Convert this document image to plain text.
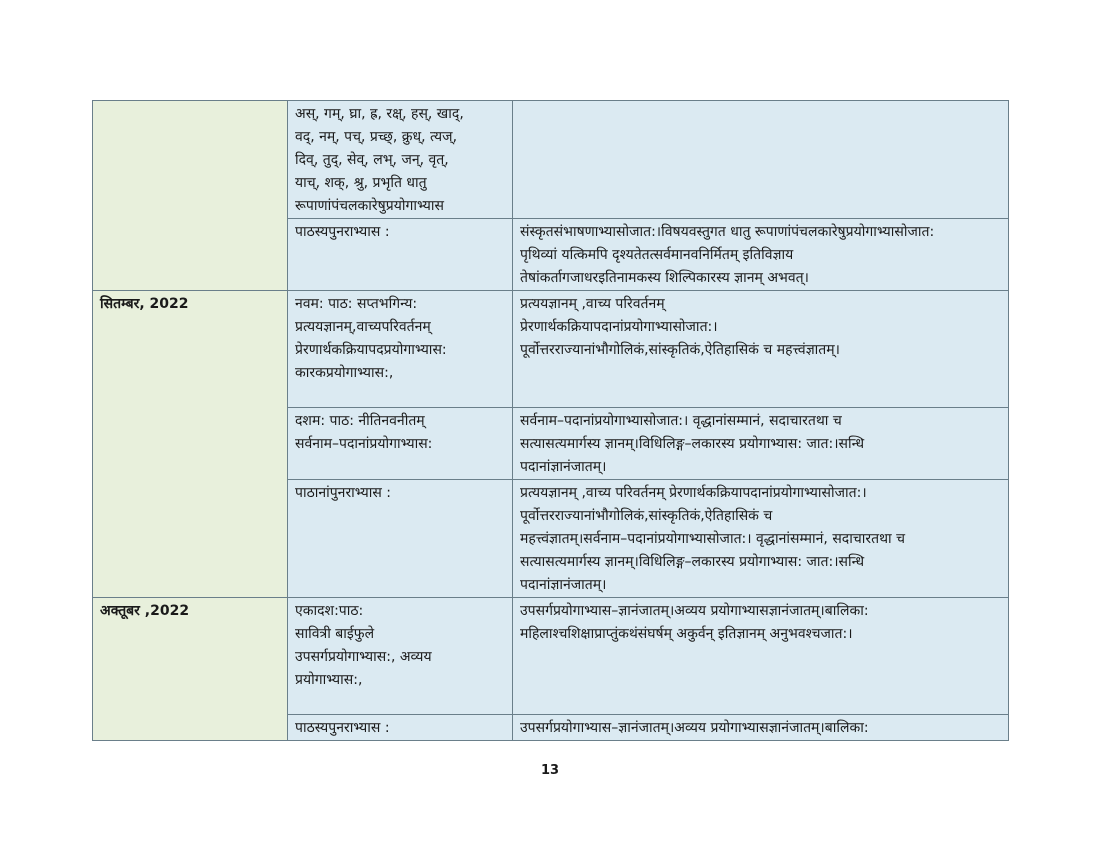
	अस्, गम्, घ्रा, ह्र, रक्ष्, हस्, खाद्,
वद्, नम्, पच्, प्रच्छ्, क्रुध्, त्यज्,
दिव्, तुद्, सेव्, लभ्, जन्, वृत्,
याच्, शक्, श्रु, प्रभृति धातु
रूपाणांपंचलकारेषुप्रयोगाभ्यास	

	पाठस्यपुनराभ्यास :	संस्कृतसंभाषणाभ्यासोजात:।विषयवस्तुगत धातु रूपाणांपंचलकारेषुप्रयोगाभ्यासोजात:
पृथिव्यां यत्किमपि दृश्यतेतत्सर्वमानवनिर्मितम् इतिविज्ञाय
तेषांकर्तागजाधरइतिनामकस्य शिल्पिकारस्य ज्ञानम् अभवत्।

सितम्बर, 2022	नवम: पाठ: सप्तभगिन्य:
प्रत्ययज्ञानम्,वाच्यपरिवर्तनम्
प्रेरणार्थकक्रियापदप्रयोगाभ्यास:
कारकप्रयोगाभ्यास:,	प्रत्ययज्ञानम् ,वाच्य परिवर्तनम्
प्रेरणार्थकक्रियापदानांप्रयोगाभ्यासोजात:।
पूर्वोत्तरराज्यानांभौगोलिकं,सांस्कृतिकं,ऐतिहासिकं च महत्त्वंज्ञातम्।

	दशम: पाठ: नीतिनवनीतम्
सर्वनाम–पदानांप्रयोगाभ्यास:	सर्वनाम–पदानांप्रयोगाभ्यासोजात:। वृद्धानांसम्मानं, सदाचारतथा च
सत्यासत्यमार्गस्य ज्ञानम्।विधिलिङ्ग–लकारस्य प्रयोगाभ्यास: जात:।सन्धि
पदानांज्ञानंजातम्।

	पाठानांपुनराभ्यास :	प्रत्ययज्ञानम् ,वाच्य परिवर्तनम् प्रेरणार्थकक्रियापदानांप्रयोगाभ्यासोजात:।
पूर्वोत्तरराज्यानांभौगोलिकं,सांस्कृतिकं,ऐतिहासिकं च
महत्त्वंज्ञातम्।सर्वनाम–पदानांप्रयोगाभ्यासोजात:। वृद्धानांसम्मानं, सदाचारतथा च
सत्यासत्यमार्गस्य ज्ञानम्।विधिलिङ्ग–लकारस्य प्रयोगाभ्यास: जात:।सन्धि
पदानांज्ञानंजातम्।

अक्तूबर ,2022	एकादश:पाठ:
सावित्री बाईफुले
उपसर्गप्रयोगाभ्यास:, अव्यय
प्रयोगाभ्यास:,	उपसर्गप्रयोगाभ्यास–ज्ञानंजातम्।अव्यय प्रयोगाभ्यासज्ञानंजातम्।बालिका:
महिलाश्चशिक्षाप्राप्तुंकथंसंघर्षम् अकुर्वन् इतिज्ञानम् अनुभवश्चजात:।

	पाठस्यपुनराभ्यास :	उपसर्गप्रयोगाभ्यास–ज्ञानंजातम्।अव्यय प्रयोगाभ्यासज्ञानंजातम्।बालिका:
13
